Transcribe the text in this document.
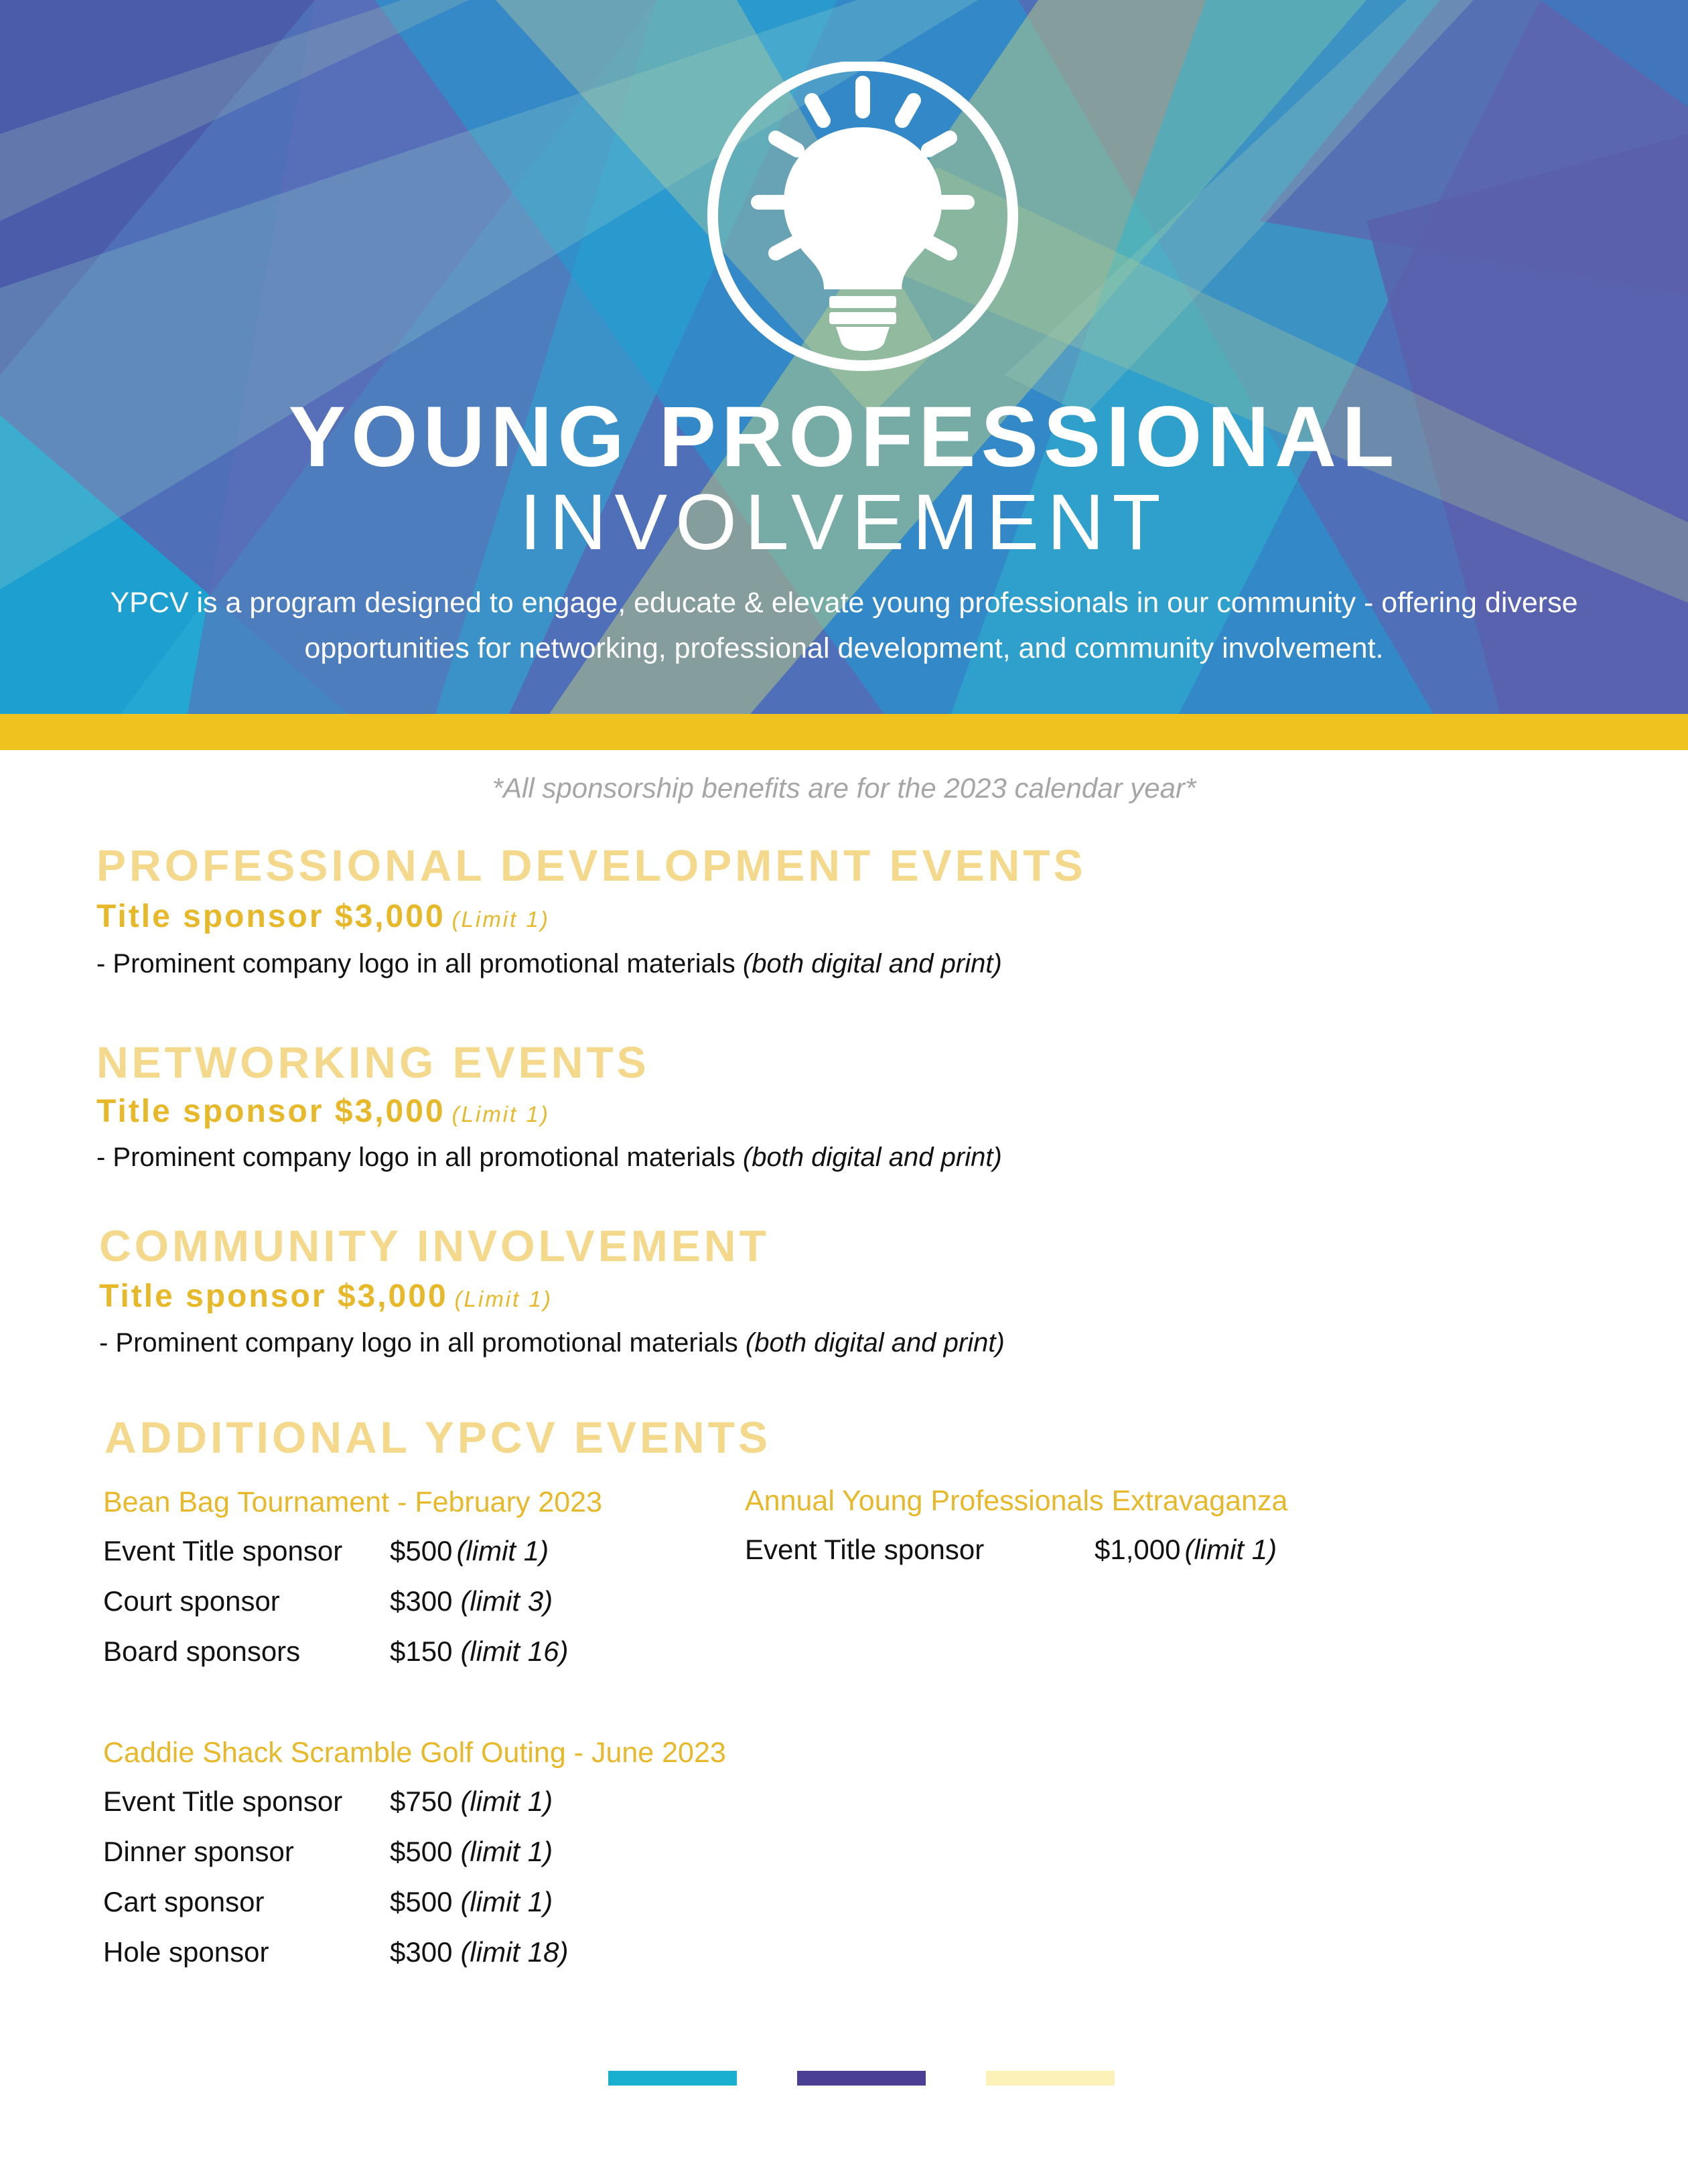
YOUNG PROFESSIONAL
INVOLVEMENT
YPCV is a program designed to engage, educate & elevate young professionals in our community - offering diverse opportunities for networking, professional development, and community involvement.
*All sponsorship benefits are for the 2023 calendar year*
PROFESSIONAL DEVELOPMENT EVENTS
Title sponsor $3,000 (Limit 1)
- Prominent company logo in all promotional materials (both digital and print)
NETWORKING EVENTS
Title sponsor $3,000 (Limit 1)
- Prominent company logo in all promotional materials (both digital and print)
COMMUNITY INVOLVEMENT
Title sponsor $3,000 (Limit 1)
- Prominent company logo in all promotional materials (both digital and print)
ADDITIONAL YPCV EVENTS
Bean Bag Tournament - February 2023
Event Title sponsor $500 (limit 1)
Court sponsor	$300 (limit 3)
Board sponsors	$150 (limit 16)
Annual Young Professionals Extravaganza
Event Title sponsor	$1,000 (limit 1)
Caddie Shack Scramble Golf Outing - June 2023
Event Title sponsor $750 (limit 1)
Dinner sponsor	$500 (limit 1)
Cart sponsor	$500 (limit 1)
Hole sponsor	$300 (limit 18)
